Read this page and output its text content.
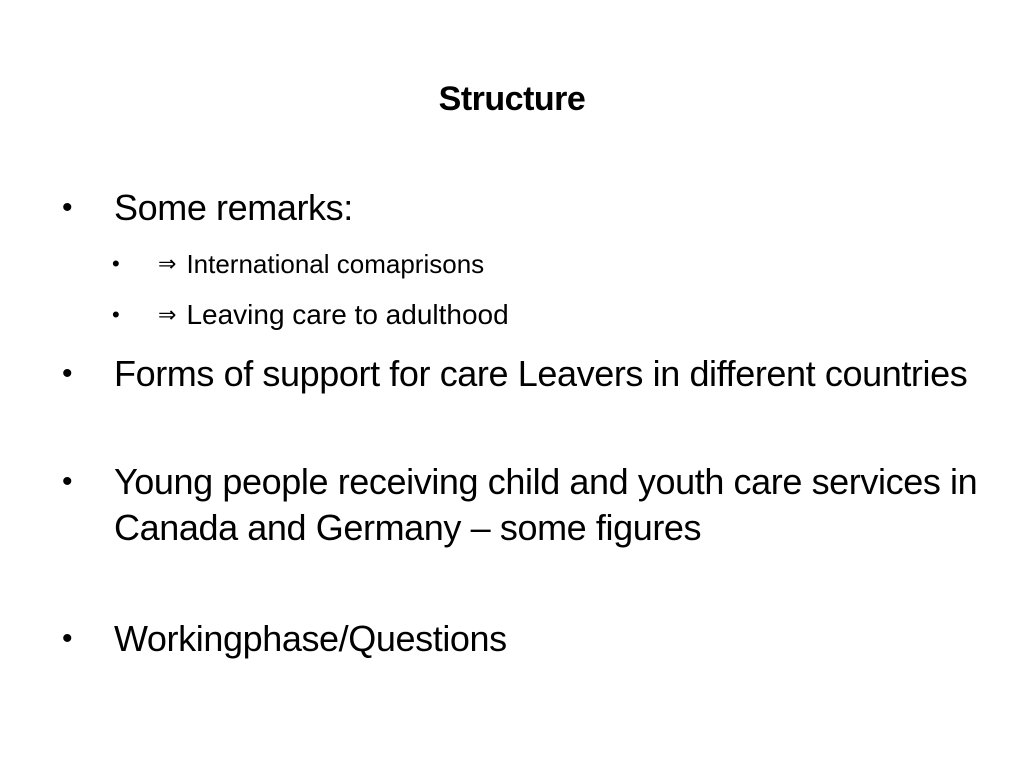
Structure
• Some remarks:
• ⇒ International comaprisons
• ⇒ Leaving care to adulthood
• Forms of support for care Leavers in different countries
• Young people receiving child and youth care services in Canada and Germany – some figures
• Workingphase/Questions
